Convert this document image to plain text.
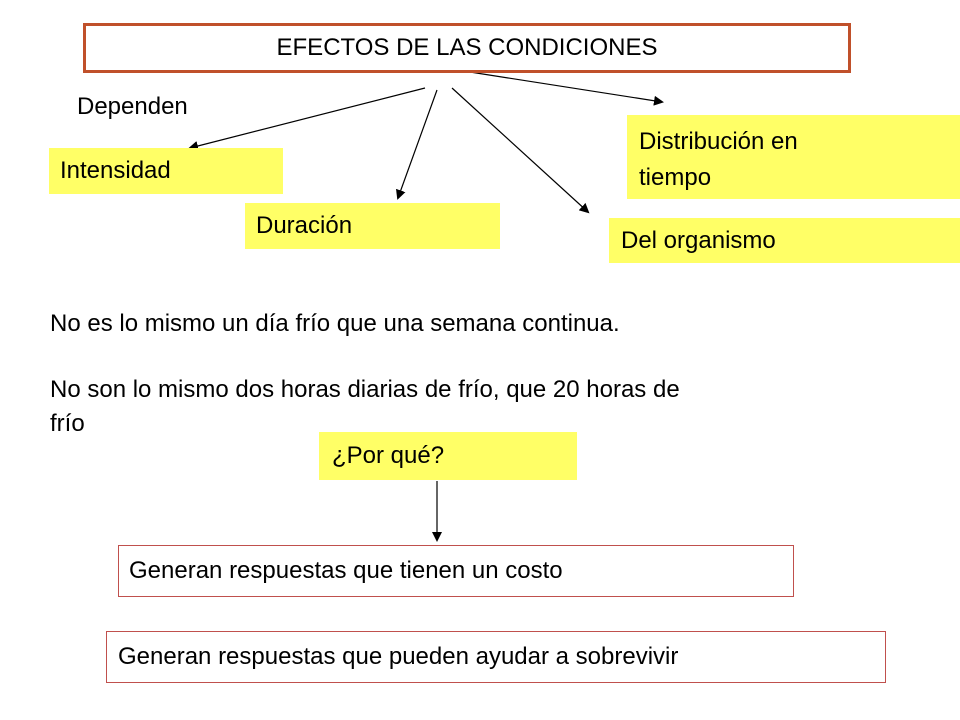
EFECTOS DE LAS CONDICIONES
Dependen
Intensidad
Duración
Distribución en
tiempo
Del organismo
No es lo mismo un día frío que una semana continua.
No son lo mismo dos horas diarias de frío, que 20 horas de
frío
¿Por qué?
Generan respuestas que tienen un costo
Generan respuestas que pueden ayudar a sobrevivir
